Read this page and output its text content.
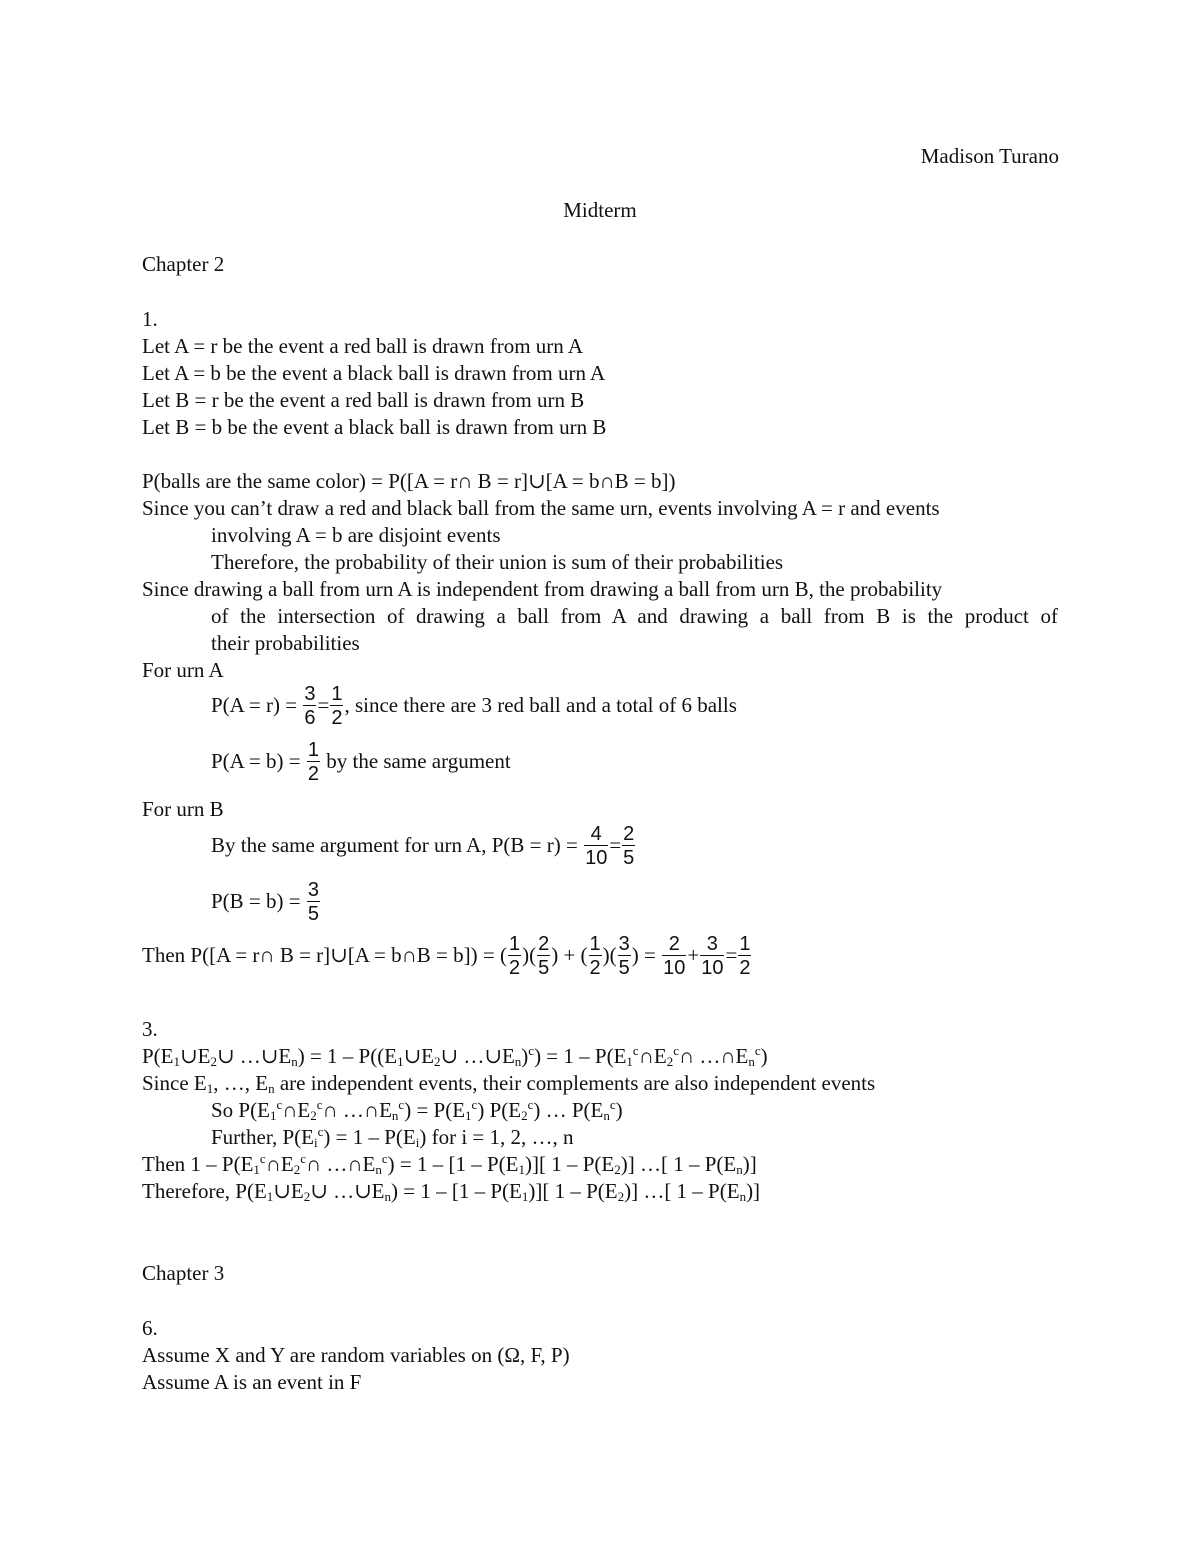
Madison Turano
Midterm
Chapter 2
1.
Let A = r be the event a red ball is drawn from urn A
Let A = b be the event a black ball is drawn from urn A
Let B = r be the event a red ball is drawn from urn B
Let B = b be the event a black ball is drawn from urn B
P(balls are the same color) = P([A = r∩ B = r]∪[A = b∩B = b])
Since you can’t draw a red and black ball from the same urn, events involving A = r and events
involving A = b are disjoint events
Therefore, the probability of their union is sum of their probabilities
Since drawing a ball from urn A is independent from drawing a ball from urn B, the probability
of the intersection of drawing a ball from A and drawing a ball from B is the product of
their probabilities
For urn A
P(A = r) =
$\frac{3}{6} = \frac{1}{2}$ , since there are 3 red ball and a total of 6 balls
P(A = b) =
$\frac{1}{2}$
by the same argument
For urn B
By the same argument for urn A, P(B = r) =
$\frac{4}{10} = \frac{2}{5}$
P(B = b) =
$\frac{3}{5}$
Then P([A = r∩ B = r]∪[A = b∩B = b]) =
( $\frac{1}{2}$ )( $\frac{2}{5}$ )
+
( $\frac{1}{2}$ )( $\frac{3}{5}$ )
=
$\frac{2}{10} + \frac{3}{10} = \frac{1}{2}$
3.
$P(E_1\cup E_2\cup$ $\dots\cup E_n) = 1$ – $P((E_1\cup E_2\cup$ $\dots\cup E_n)^c) = 1$ – $P(E_1^c\cap E_2^c\cap$ $\dots\cap E_n^c$)
Since $E_1$, …, $E_n$ are independent events, their complements are also independent events
So $P(E_1^c\cap E_2^c\cap$ $\dots\cap E_n^c) = P(E_1^c)$ $P(E_2^c)$ … $P(E_n^c)$
Further, $P(E_i^c) = 1 - P(E_i)$ for i = 1, 2, …, n
Then $1 - P(E_1^c\cap E_2^c\cap$ $\dots\cap E_n^c) = 1 - [1 - P(E_1)]$[ $1 - P(E_2)$] …[ $1 - P(E_n)$]
Therefore, $P(E_1\cup E_2\cup$ $\dots\cup E_n) = 1 - [1 - P(E_1)]$[ $1 - P(E_2)$] …[ $1 - P(E_n)$]
Chapter 3
6.
Assume X and Y are random variables on (Ω, F, P)
Assume A is an event in F
